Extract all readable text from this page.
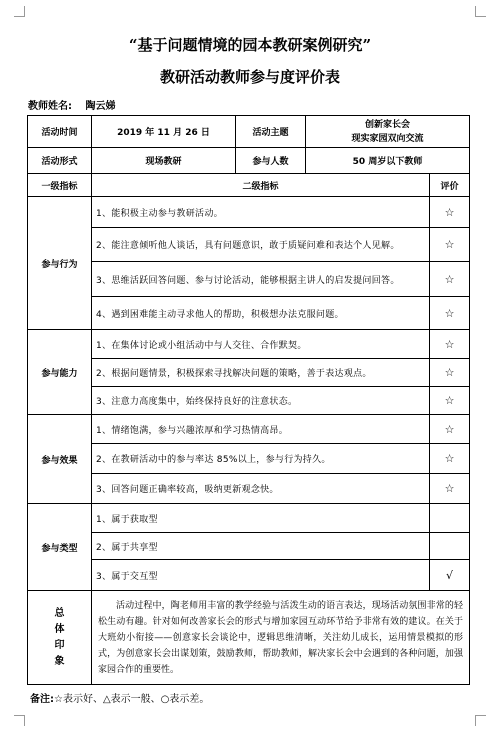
“基于问题情境的园本教研案例研究”
教研活动教师参与度评价表
教师姓名: 陶云娣
活动时间	2019 年 11 月 26 日	活动主题	创新家长会
现实家园双向交流	

活动形式	现场教研	参与人数	50 周岁以下教师	
一级指标	二级指标			评价
参与行为	1、能积极主动参与教研活动。			☆
	2、能注意倾听他人谈话，具有问题意识，敢于质疑问难和表达个人见解。			☆
	3、思维活跃回答问题、参与讨论活动，能够根据主讲人的启发提问回答。			☆
	4、遇到困难能主动寻求他人的帮助，积极想办法克服问题。			☆
参与能力	1、在集体讨论或小组活动中与人交往、合作默契。			☆
	2、根据问题情景，积极探索寻找解决问题的策略，善于表达观点。			☆
	3、注意力高度集中，始终保持良好的注意状态。			☆
参与效果	1、情绪饱满，参与兴趣浓厚和学习热情高昂。			☆
	2、在教研活动中的参与率达 85%以上，参与行为持久。			☆
	3、回答问题正确率较高，吸纳更新观念快。			☆
参与类型	1、属于获取型			
	2、属于共享型			
	3、属于交互型			√

总
体
印
象	活动过程中，陶老师用丰富的教学经验与活泼生动的语言表达，现场活动氛围非常的轻松生动有趣。针对如何改善家长会的形式与增加家园互动环节给予非常有效的建议。在关于大班幼小衔接——创意家长会谈论中，逻辑思维清晰，关注幼儿成长，运用情景模拟的形式，为创意家长会出谋划策，鼓励教师，帮助教师，解决家长会中会遇到的各种问题，加强家园合作的重要性。			
备注:☆表示好、△表示一般、○表示差。
